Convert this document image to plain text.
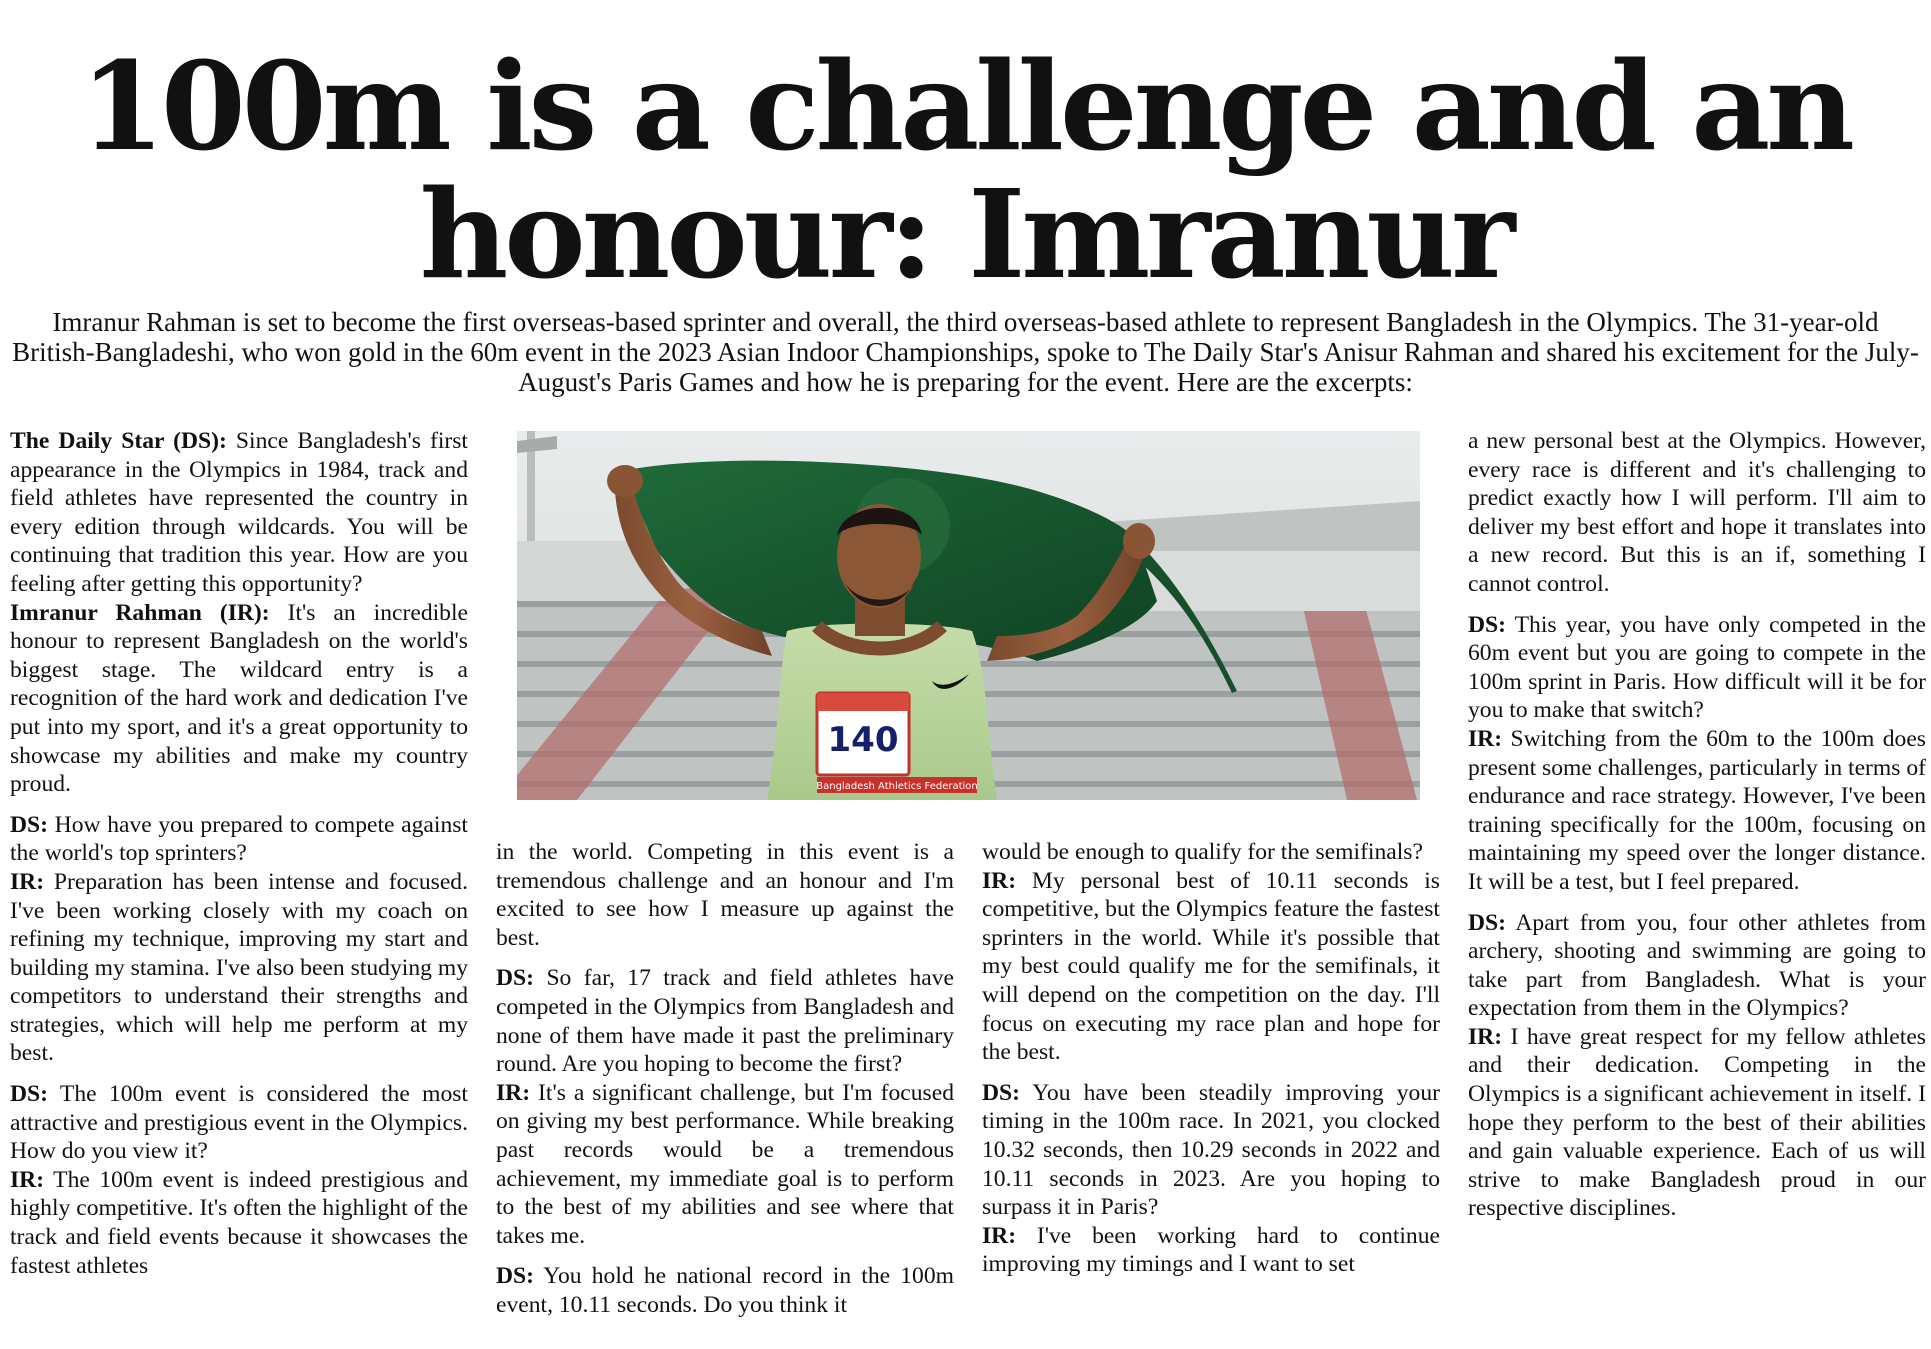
100m is a challenge and an honour: Imranur

Imranur Rahman is set to become the first overseas-based sprinter and overall, the third overseas-based athlete to represent Bangladesh in the Olympics. The 31-year-old British-Bangladeshi, who won gold in the 60m event in the 2023 Asian Indoor Championships, spoke to The Daily Star's Anisur Rahman and shared his excitement for the July-August's Paris Games and how he is preparing for the event. Here are the excerpts:

140
Bangladesh Athletics Federation

The Daily Star (DS): Since Bangladesh's first appearance in the Olympics in 1984, track and field athletes have represented the country in every edition through wildcards. You will be continuing that tradition this year. How are you feeling after getting this opportunity?

Imranur Rahman (IR): It's an incredible honour to represent Bangladesh on the world's biggest stage. The wildcard entry is a recognition of the hard work and dedication I've put into my sport, and it's a great opportunity to showcase my abilities and make my country proud.

DS: How have you prepared to compete against the world's top sprinters?

IR: Preparation has been intense and focused. I've been working closely with my coach on refining my technique, improving my start and building my stamina. I've also been studying my competitors to understand their strengths and strategies, which will help me perform at my best.

DS: The 100m event is considered the most attractive and prestigious event in the Olympics. How do you view it?

IR: The 100m event is indeed prestigious and highly competitive. It's often the highlight of the track and field events because it showcases the fastest athletes

in the world. Competing in this event is a tremendous challenge and an honour and I'm excited to see how I measure up against the best.

DS: So far, 17 track and field athletes have competed in the Olympics from Bangladesh and none of them have made it past the preliminary round. Are you hoping to become the first?

IR: It's a significant challenge, but I'm focused on giving my best performance. While breaking past records would be a tremendous achievement, my immediate goal is to perform to the best of my abilities and see where that takes me.

DS: You hold he national record in the 100m event, 10.11 seconds. Do you think it

would be enough to qualify for the semifinals?

IR: My personal best of 10.11 seconds is competitive, but the Olympics feature the fastest sprinters in the world. While it's possible that my best could qualify me for the semifinals, it will depend on the competition on the day. I'll focus on executing my race plan and hope for the best.

DS: You have been steadily improving your timing in the 100m race. In 2021, you clocked 10.32 seconds, then 10.29 seconds in 2022 and 10.11 seconds in 2023. Are you hoping to surpass it in Paris?

IR: I've been working hard to continue improving my timings and I want to set

a new personal best at the Olympics. However, every race is different and it's challenging to predict exactly how I will perform. I'll aim to deliver my best effort and hope it translates into a new record. But this is an if, something I cannot control.

DS: This year, you have only competed in the 60m event but you are going to compete in the 100m sprint in Paris. How difficult will it be for you to make that switch?

IR: Switching from the 60m to the 100m does present some challenges, particularly in terms of endurance and race strategy. However, I've been training specifically for the 100m, focusing on maintaining my speed over the longer distance. It will be a test, but I feel prepared.

DS: Apart from you, four other athletes from archery, shooting and swimming are going to take part from Bangladesh. What is your expectation from them in the Olympics?

IR: I have great respect for my fellow athletes and their dedication. Competing in the Olympics is a significant achievement in itself. I hope they perform to the best of their abilities and gain valuable experience. Each of us will strive to make Bangladesh proud in our respective disciplines.
